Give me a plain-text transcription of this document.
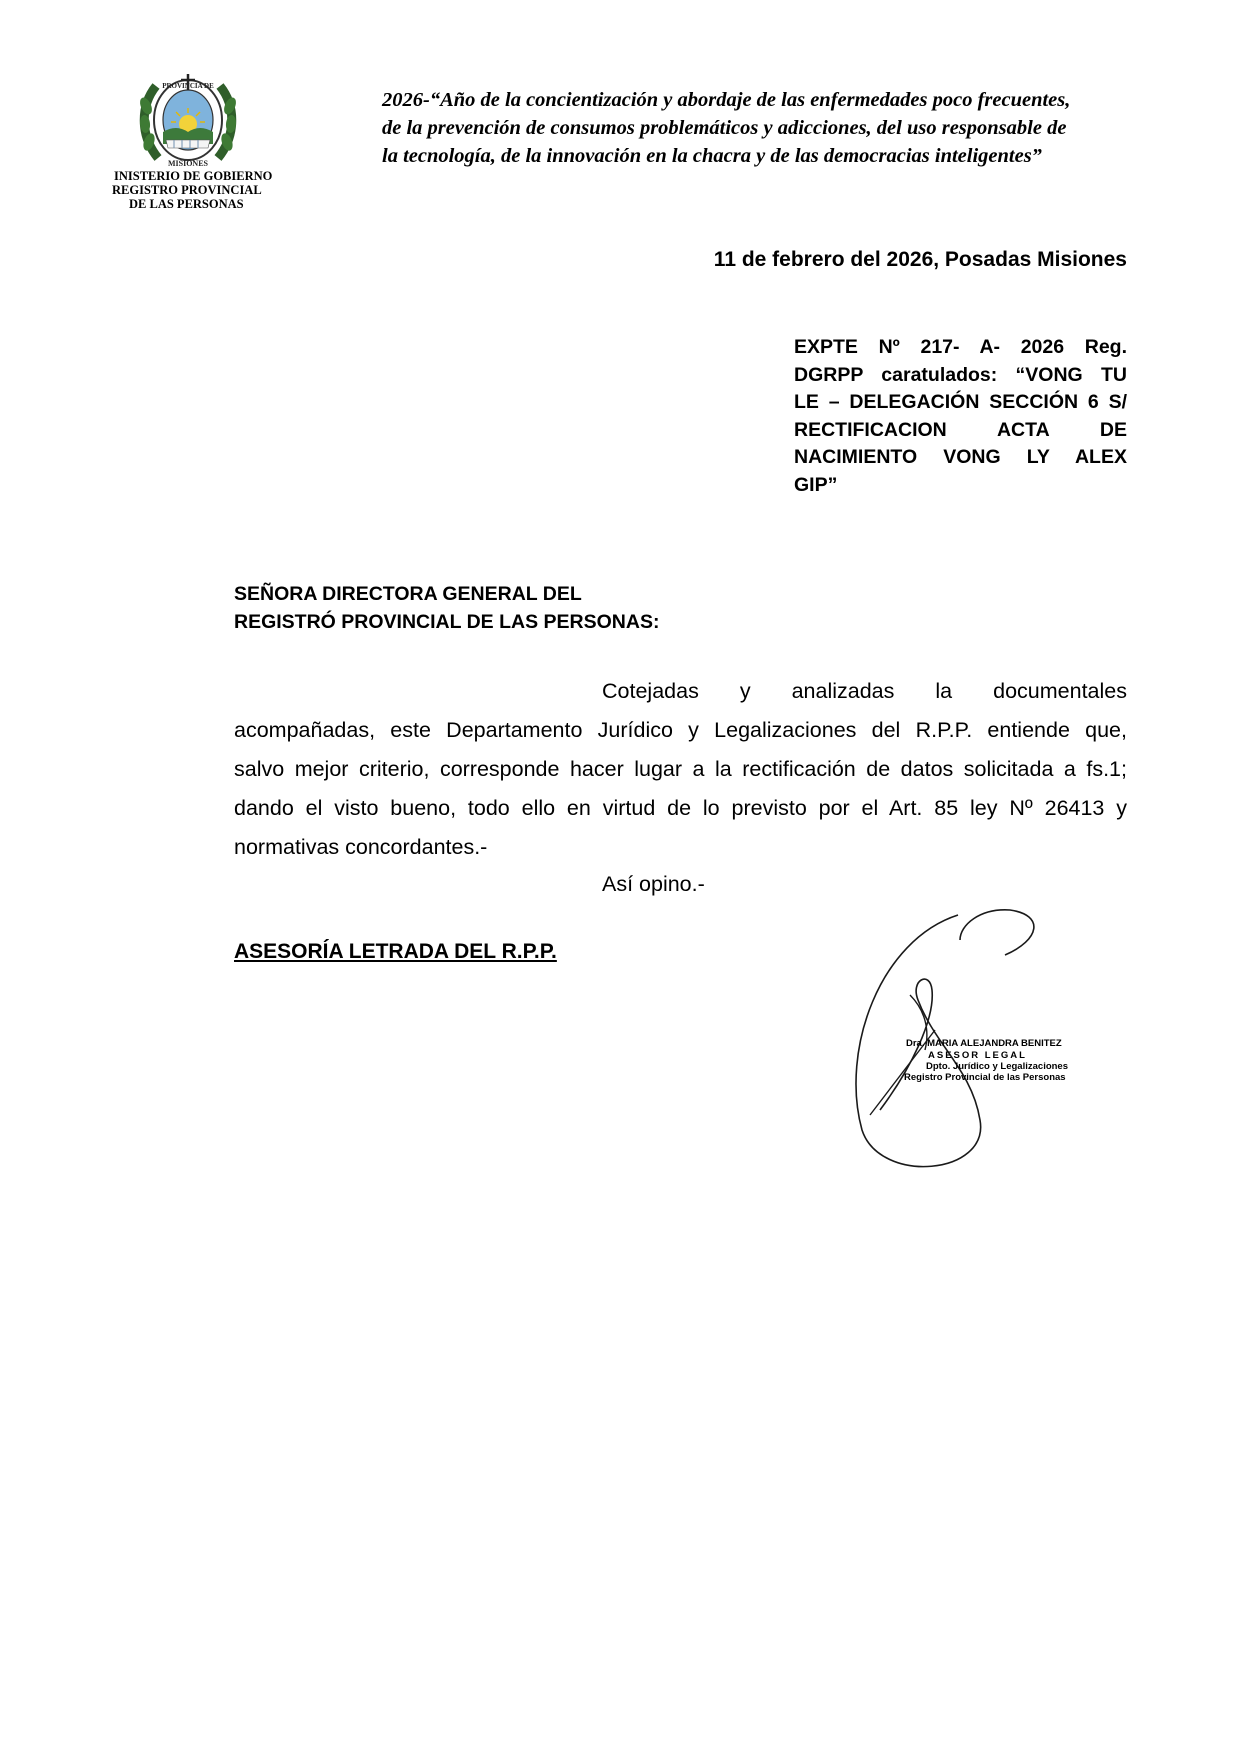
PROVINCIA DE
MISIONES
INISTERIO DE GOBIERNO
REGISTRO PROVINCIAL
DE LAS PERSONAS
2026-“Año de la concientización y abordaje de las enfermedades poco frecuentes,
de la prevención de consumos problemáticos y adicciones, del uso responsable de
la tecnología, de la innovación en la chacra y de las democracias inteligentes”
11 de febrero del 2026, Posadas Misiones
EXPTE Nº 217- A- 2026 Reg.
DGRPP caratulados: “VONG TU
LE – DELEGACIÓN SECCIÓN 6 S/
RECTIFICACION ACTA DE
NACIMIENTO VONG LY ALEX
GIP”
SEÑORA DIRECTORA GENERAL DEL
REGISTRÓ PROVINCIAL DE LAS PERSONAS:
Cotejadas y analizadas la documentales
acompañadas, este Departamento Jurídico y Legalizaciones del R.P.P. entiende que,
salvo mejor criterio, corresponde hacer lugar a la rectificación de datos solicitada a fs.1;
dando el visto bueno, todo ello en virtud de lo previsto por el Art. 85 ley Nº 26413 y
normativas concordantes.-
Así opino.-
ASESORÍA LETRADA DEL R.P.P.
Dra. MARIA ALEJANDRA BENITEZ
ASESOR LEGAL
Dpto. Jurídico y Legalizaciones
Registro Provincial de las Personas
